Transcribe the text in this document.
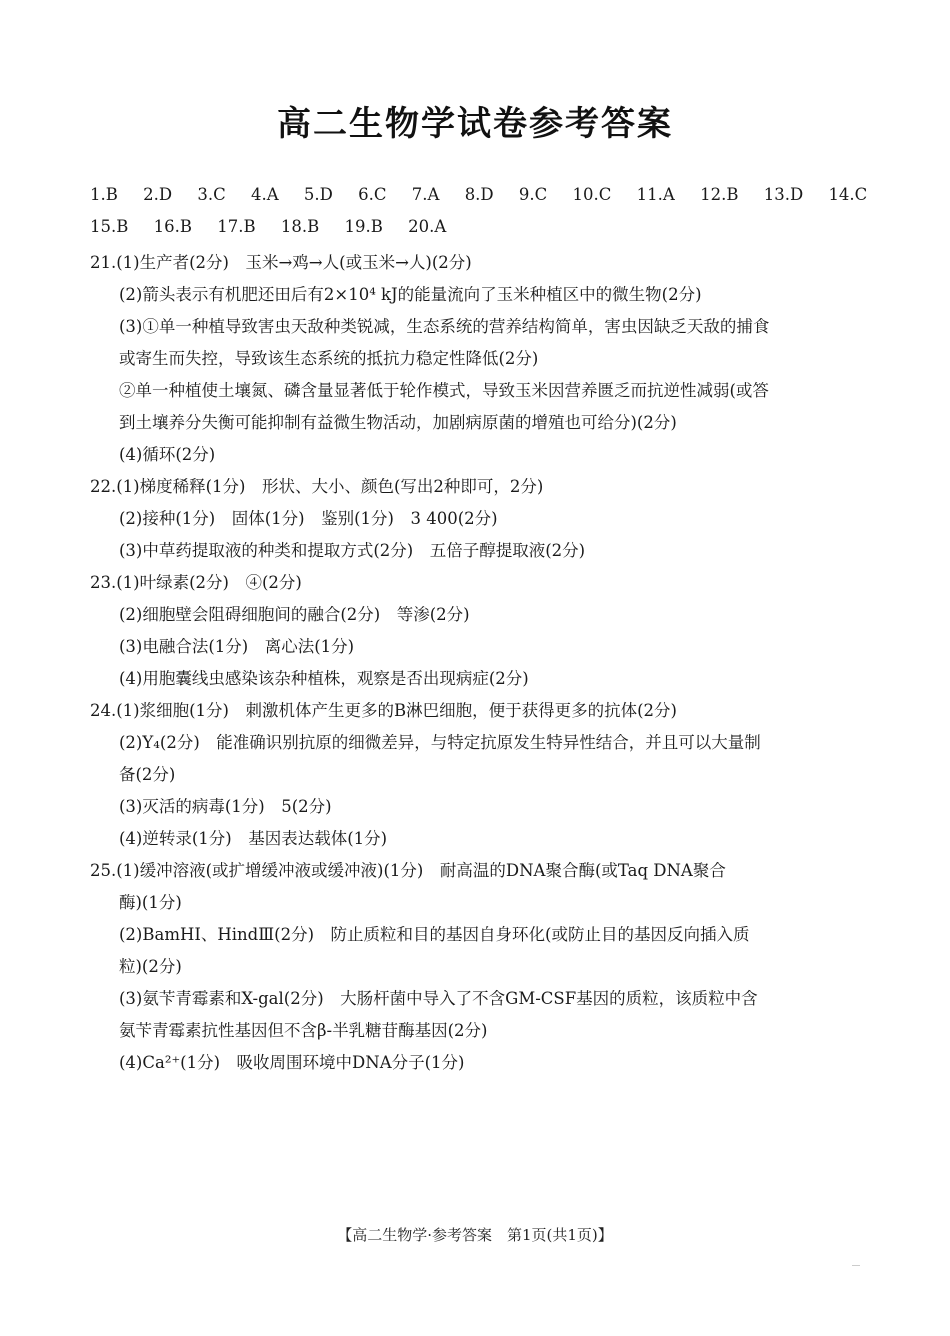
高二生物学试卷参考答案
1.B 2.D 3.C 4.A 5.D 6.C 7.A 8.D 9.C 10.C 11.A 12.B 13.D 14.C
15.B 16.B 17.B 18.B 19.B 20.A
21.(1)生产者(2分)　玉米→鸡→人(或玉米→人)(2分)
(2)箭头表示有机肥还田后有2×10⁴ kJ的能量流向了玉米种植区中的微生物(2分)
(3)①单一种植导致害虫天敌种类锐减，生态系统的营养结构简单，害虫因缺乏天敌的捕食
或寄生而失控，导致该生态系统的抵抗力稳定性降低(2分)
②单一种植使土壤氮、磷含量显著低于轮作模式，导致玉米因营养匮乏而抗逆性减弱(或答
到土壤养分失衡可能抑制有益微生物活动，加剧病原菌的增殖也可给分)(2分)
(4)循环(2分)
22.(1)梯度稀释(1分)　形状、大小、颜色(写出2种即可，2分)
(2)接种(1分)　固体(1分)　鉴别(1分)　3 400(2分)
(3)中草药提取液的种类和提取方式(2分)　五倍子醇提取液(2分)
23.(1)叶绿素(2分)　④(2分)
(2)细胞壁会阻碍细胞间的融合(2分)　等渗(2分)
(3)电融合法(1分)　离心法(1分)
(4)用胞囊线虫感染该杂种植株，观察是否出现病症(2分)
24.(1)浆细胞(1分)　刺激机体产生更多的B淋巴细胞，便于获得更多的抗体(2分)
(2)Y₄(2分)　能准确识别抗原的细微差异，与特定抗原发生特异性结合，并且可以大量制
备(2分)
(3)灭活的病毒(1分)　5(2分)
(4)逆转录(1分)　基因表达载体(1分)
25.(1)缓冲溶液(或扩增缓冲液或缓冲液)(1分)　耐高温的DNA聚合酶(或Taq DNA聚合
酶)(1分)
(2)BamHⅠ、HindⅢ(2分)　防止质粒和目的基因自身环化(或防止目的基因反向插入质
粒)(2分)
(3)氨苄青霉素和X-gal(2分)　大肠杆菌中导入了不含GM-CSF基因的质粒，该质粒中含
氨苄青霉素抗性基因但不含β-半乳糖苷酶基因(2分)
(4)Ca²⁺(1分)　吸收周围环境中DNA分子(1分)
【高二生物学·参考答案　第1页(共1页)】
